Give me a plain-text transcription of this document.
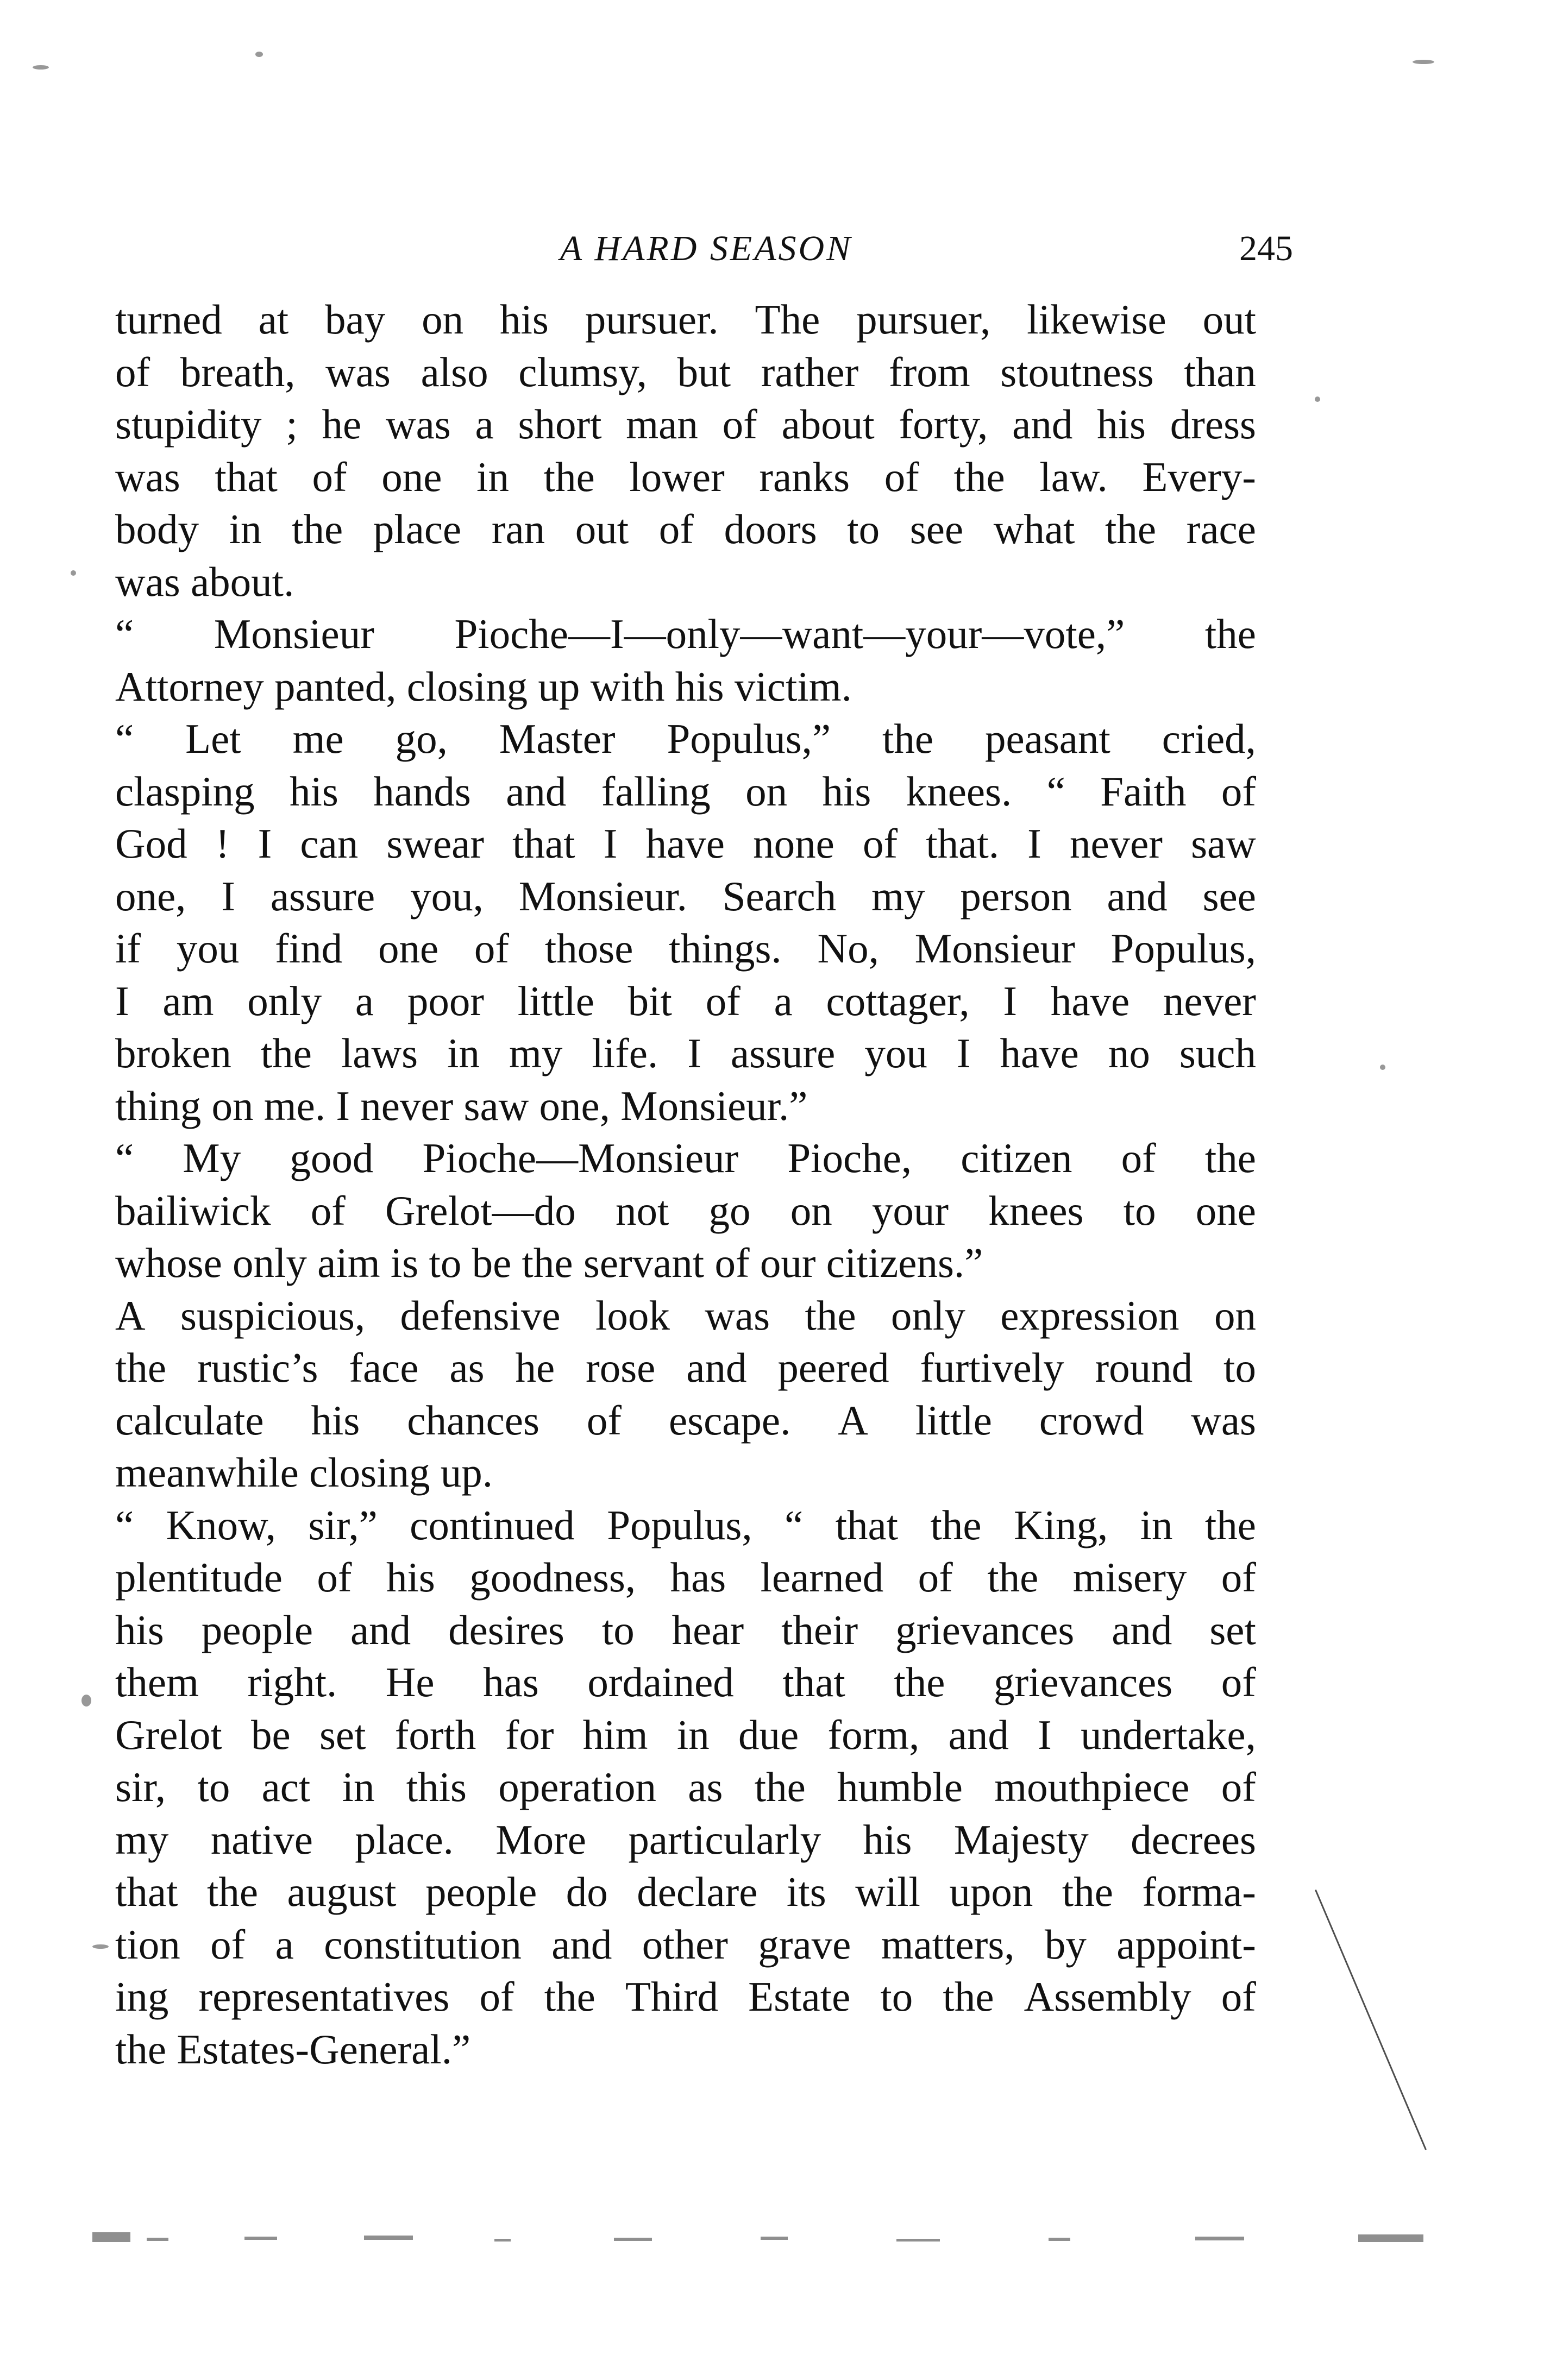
A HARD SEASON	245
turned at bay on his pursuer. The pursuer, likewise out
of breath, was also clumsy, but rather from stoutness than
stupidity ; he was a short man of about forty, and his dress
was that of one in the lower ranks of the law. Every-
body in the place ran out of doors to see what the race
was about.
“ Monsieur Pioche—I—only—want—your—vote,” the
Attorney panted, closing up with his victim.
“ Let me go, Master Populus,” the peasant cried,
clasping his hands and falling on his knees. “ Faith of
God ! I can swear that I have none of that. I never saw
one, I assure you, Monsieur. Search my person and see
if you find one of those things. No, Monsieur Populus,
I am only a poor little bit of a cottager, I have never
broken the laws in my life. I assure you I have no such
thing on me. I never saw one, Monsieur.”
“ My good Pioche—Monsieur Pioche, citizen of the
bailiwick of Grelot—do not go on your knees to one
whose only aim is to be the servant of our citizens.”
A suspicious, defensive look was the only expression on
the rustic’s face as he rose and peered furtively round to
calculate his chances of escape. A little crowd was
meanwhile closing up.
“ Know, sir,” continued Populus, “ that the King, in the
plentitude of his goodness, has learned of the misery of
his people and desires to hear their grievances and set
them right. He has ordained that the grievances of
Grelot be set forth for him in due form, and I undertake,
sir, to act in this operation as the humble mouthpiece of
my native place. More particularly his Majesty decrees
that the august people do declare its will upon the forma-
tion of a constitution and other grave matters, by appoint-
ing representatives of the Third Estate to the Assembly of
the Estates-General.”
